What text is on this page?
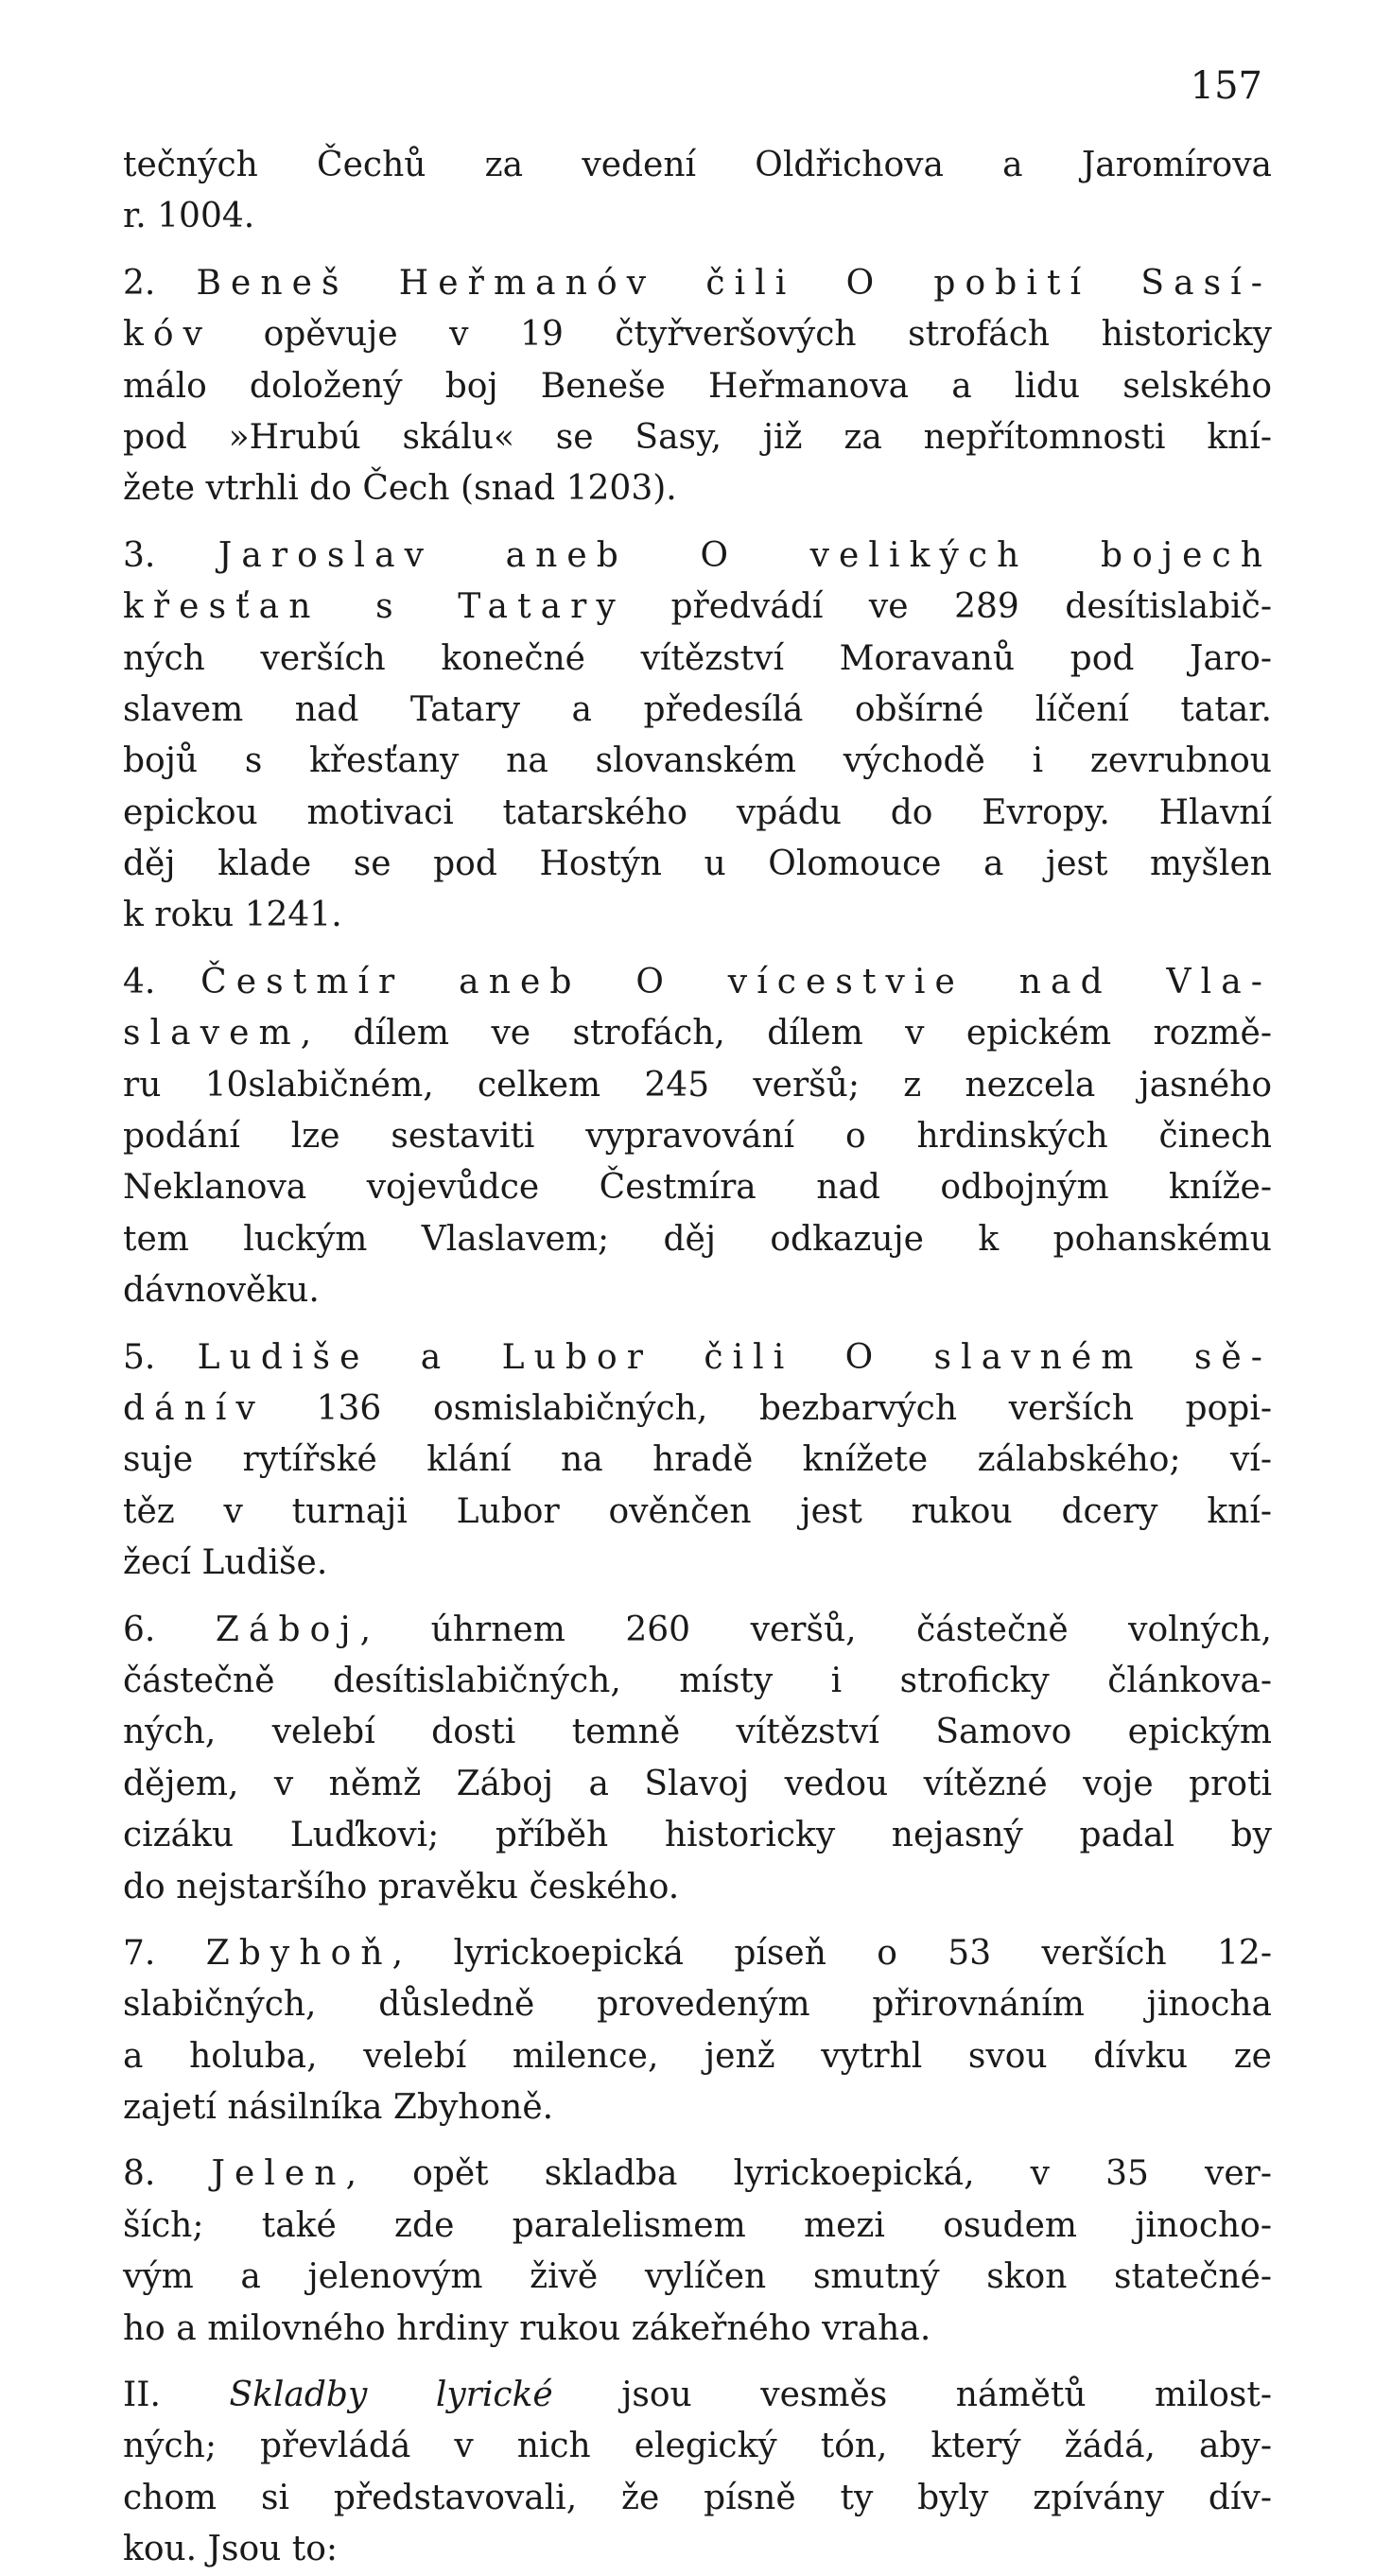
157
tečných Čechů za vedení Oldřichova a Jaromírova
r. 1004.
2. Beneš Heřmanóv čili O pobití Sasí-
kóv opěvuje v 19 čtyřveršových strofách historicky
málo doložený boj Beneše Heřmanova a lidu selského
pod »Hrubú skálu« se Sasy, již za nepřítomnosti kní-
žete vtrhli do Čech (snad 1203).
3. Jaroslav aneb O velikých bojech
křesťan s Tatary předvádí ve 289 desítislabič-
ných verších konečné vítězství Moravanů pod Jaro-
slavem nad Tatary a předesílá obšírné líčení tatar.
bojů s křesťany na slovanském východě i zevrubnou
epickou motivaci tatarského vpádu do Evropy. Hlavní
děj klade se pod Hostýn u Olomouce a jest myšlen
k roku 1241.
4. Čestmír aneb O vícestvie nad Vla-
slavem, dílem ve strofách, dílem v epickém rozmě-
ru 10slabičném, celkem 245 veršů; z nezcela jasného
podání lze sestaviti vypravování o hrdinských činech
Neklanova vojevůdce Čestmíra nad odbojným kníže-
tem luckým Vlaslavem; děj odkazuje k pohanskému
dávnověku.
5. Ludiše a Lubor čili O slavném sě-
dánív 136 osmislabičných, bezbarvých verších popi-
suje rytířské klání na hradě knížete zálabského; ví-
těz v turnaji Lubor ověnčen jest rukou dcery kní-
žecí Ludiše.
6. Záboj, úhrnem 260 veršů, částečně volných,
částečně desítislabičných, místy i stroficky článkova-
ných, velebí dosti temně vítězství Samovo epickým
dějem, v němž Záboj a Slavoj vedou vítězné voje proti
cizáku Luďkovi; příběh historicky nejasný padal by
do nejstaršího pravěku českého.
7. Zbyhoň, lyrickoepická píseň o 53 verších 12-
slabičných, důsledně provedeným přirovnáním jinocha
a holuba, velebí milence, jenž vytrhl svou dívku ze
zajetí násilníka Zbyhoně.
8. Jelen, opět skladba lyrickoepická, v 35 ver-
ších; také zde paralelismem mezi osudem jinocho-
vým a jelenovým živě vylíčen smutný skon statečné-
ho a milovného hrdiny rukou zákeřného vraha.
II. Skladby lyrické jsou vesměs námětů milost-
ných; převládá v nich elegický tón, který žádá, aby-
chom si představovali, že písně ty byly zpívány dív-
kou. Jsou to:
